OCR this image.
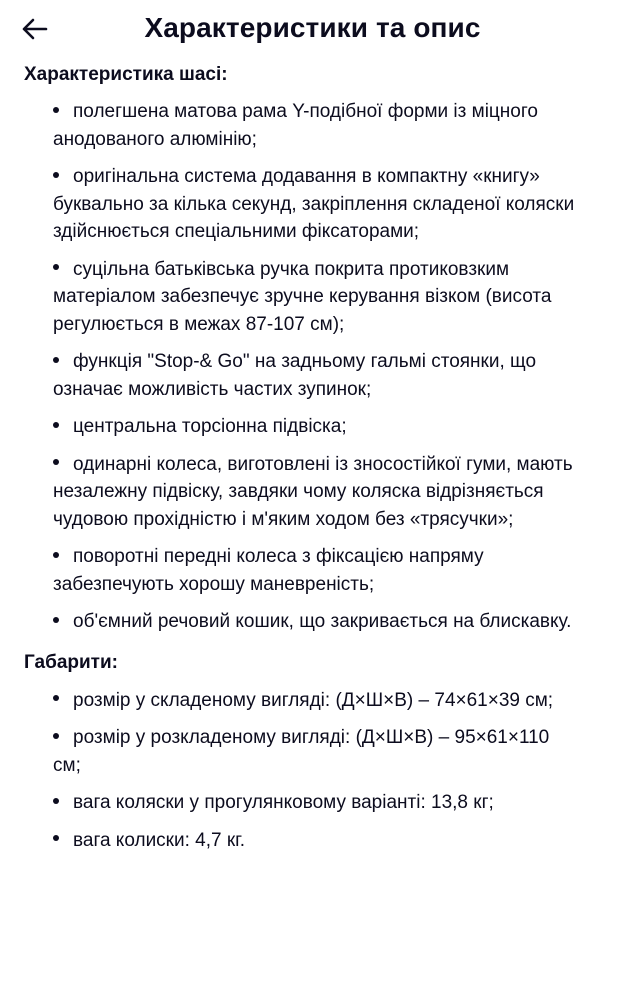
Характеристики та опис

Характеристика шасі:

полегшена матова рама Y-подібної форми із міцного анодованого алюмінію;
оригінальна система додавання в компактну «книгу» буквально за кілька секунд, закріплення складеної коляски здійснюється спеціальними фіксаторами;
суцільна батьківська ручка покрита протиковзким матеріалом забезпечує зручне керування візком (висота регулюється в межах 87-107 см);
функція "Stop-& Go" на задньому гальмі стоянки, що означає можливість частих зупинок;
центральна торсіонна підвіска;
одинарні колеса, виготовлені із зносостійкої гуми, мають незалежну підвіску, завдяки чому коляска відрізняється чудовою прохідністю і м'яким ходом без «трясучки»;
поворотні передні колеса з фіксацією напряму забезпечують хорошу маневреність;
об'ємний речовий кошик, що закривається на блискавку.

Габарити:

розмір у складеному вигляді: (Д×Ш×В) – 74×61×39 см;
розмір у розкладеному вигляді: (Д×Ш×В) – 95×61×110 см;
вага коляски у прогулянковому варіанті: 13,8 кг;
вага колиски: 4,7 кг.
